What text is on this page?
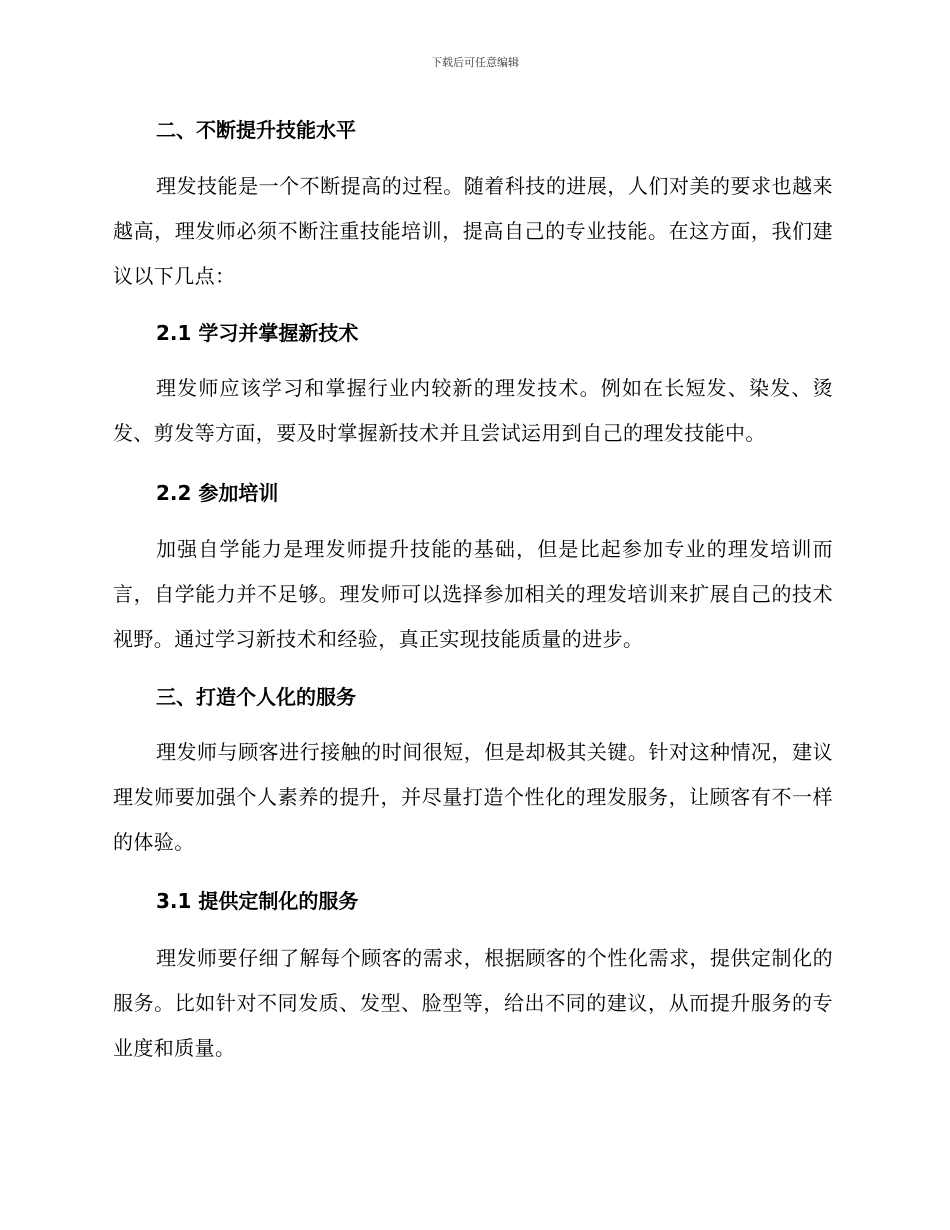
下载后可任意编辑
二、不断提升技能水平
理发技能是一个不断提高的过程。随着科技的进展，人们对美的要求也越来越高，理发师必须不断注重技能培训，提高自己的专业技能。在这方面，我们建议以下几点：
2.1 学习并掌握新技术
理发师应该学习和掌握行业内较新的理发技术。例如在长短发、染发、烫发、剪发等方面，要及时掌握新技术并且尝试运用到自己的理发技能中。
2.2 参加培训
加强自学能力是理发师提升技能的基础，但是比起参加专业的理发培训而言，自学能力并不足够。理发师可以选择参加相关的理发培训来扩展自己的技术视野。通过学习新技术和经验，真正实现技能质量的进步。
三、打造个人化的服务
理发师与顾客进行接触的时间很短，但是却极其关键。针对这种情况，建议理发师要加强个人素养的提升，并尽量打造个性化的理发服务，让顾客有不一样的体验。
3.1 提供定制化的服务
理发师要仔细了解每个顾客的需求，根据顾客的个性化需求，提供定制化的服务。比如针对不同发质、发型、脸型等，给出不同的建议，从而提升服务的专业度和质量。
